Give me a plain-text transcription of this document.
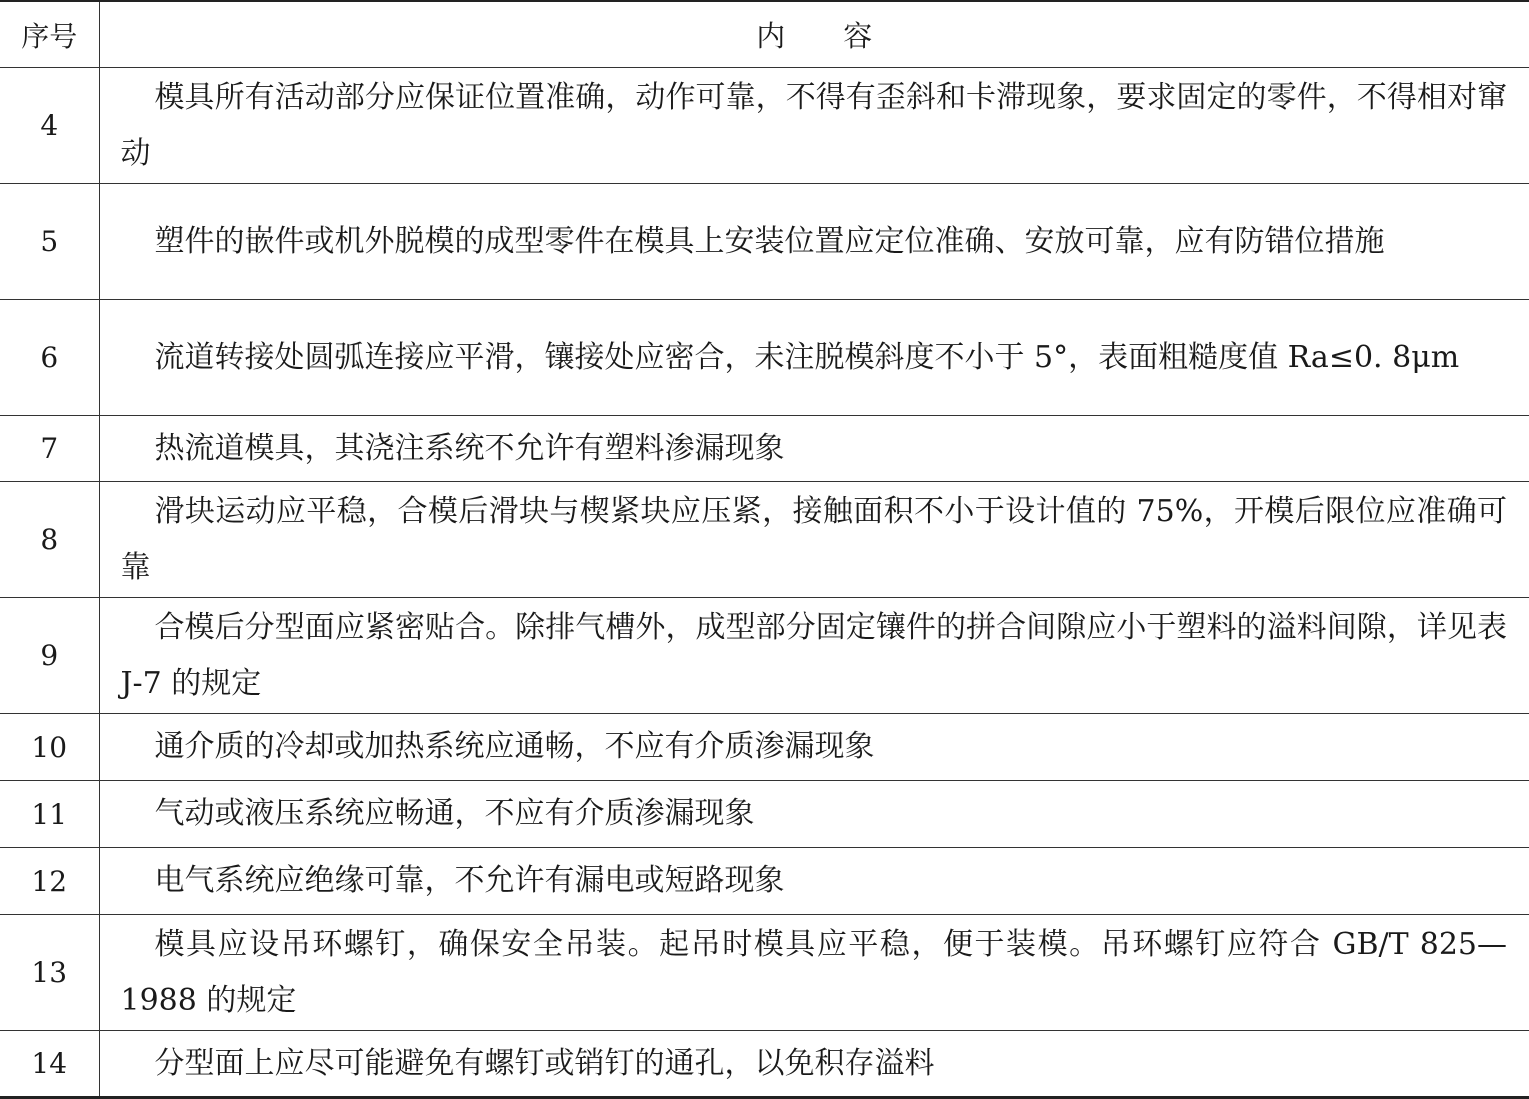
序号	内　　容
4	模具所有活动部分应保证位置准确，动作可靠，不得有歪斜和卡滞现象，要求固定的零件，不得相对窜动
5	塑件的嵌件或机外脱模的成型零件在模具上安装位置应定位准确、安放可靠，应有防错位措施
6	流道转接处圆弧连接应平滑，镶接处应密合，未注脱模斜度不小于 5°，表面粗糙度值 Ra≤0. 8μm
7	热流道模具，其浇注系统不允许有塑料渗漏现象
8	滑块运动应平稳，合模后滑块与楔紧块应压紧，接触面积不小于设计值的 75%，开模后限位应准确可靠
9	合模后分型面应紧密贴合。除排气槽外，成型部分固定镶件的拼合间隙应小于塑料的溢料间隙，详见表 J-7 的规定
10	通介质的冷却或加热系统应通畅，不应有介质渗漏现象
11	气动或液压系统应畅通，不应有介质渗漏现象
12	电气系统应绝缘可靠，不允许有漏电或短路现象
13	模具应设吊环螺钉，确保安全吊装。起吊时模具应平稳，便于装模。吊环螺钉应符合 GB/T 825—1988 的规定
14	分型面上应尽可能避免有螺钉或销钉的通孔，以免积存溢料
